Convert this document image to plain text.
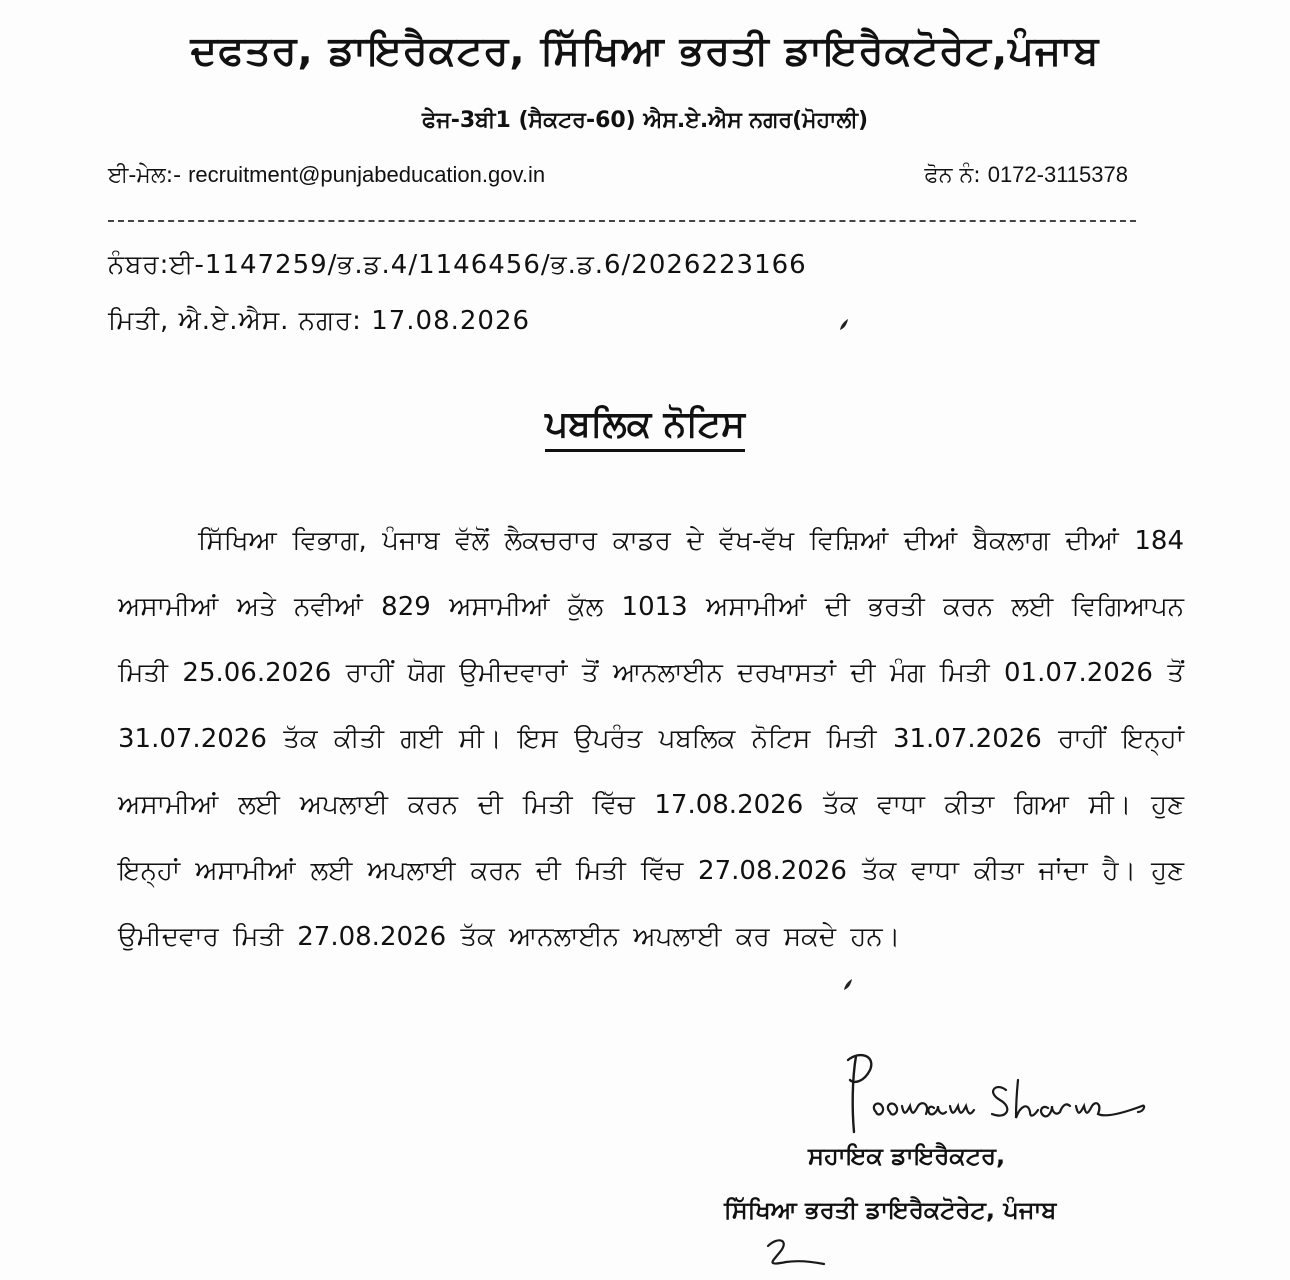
ਦਫਤਰ, ਡਾਇਰੈਕਟਰ, ਸਿੱਖਿਆ ਭਰਤੀ ਡਾਇਰੈਕਟੋਰੇਟ,ਪੰਜਾਬ
ਫੇਜ-3ਬੀ1 (ਸੈਕਟਰ-60) ਐਸ.ਏ.ਐਸ ਨਗਰ(ਮੋਹਾਲੀ)
ਈ-ਮੇਲ:- recruitment@punjabeducation.gov.in	ਫੋਨ ਨੰ: 0172-3115378
ਨੰਬਰ:ਈ-1147259/ਭ.ਡ.4/1146456/ਭ.ਡ.6/2026223166
ਮਿਤੀ, ਐ.ਏ.ਐਸ. ਨਗਰ: 17.08.2026
ਪਬਲਿਕ ਨੋਟਿਸ
ਸਿੱਖਿਆ ਵਿਭਾਗ, ਪੰਜਾਬ ਵੱਲੋਂ ਲੈਕਚਰਾਰ ਕਾਡਰ ਦੇ ਵੱਖ-ਵੱਖ ਵਿਸ਼ਿਆਂ ਦੀਆਂ ਬੈਕਲਾਗ ਦੀਆਂ 184 ਅਸਾਮੀਆਂ ਅਤੇ ਨਵੀਆਂ 829 ਅਸਾਮੀਆਂ ਕੁੱਲ 1013 ਅਸਾਮੀਆਂ ਦੀ ਭਰਤੀ ਕਰਨ ਲਈ ਵਿਗਿਆਪਨ ਮਿਤੀ 25.06.2026 ਰਾਹੀਂ ਯੋਗ ਉਮੀਦਵਾਰਾਂ ਤੋਂ ਆਨਲਾਈਨ ਦਰਖਾਸਤਾਂ ਦੀ ਮੰਗ ਮਿਤੀ 01.07.2026 ਤੋਂ 31.07.2026 ਤੱਕ ਕੀਤੀ ਗਈ ਸੀ। ਇਸ ਉਪਰੰਤ ਪਬਲਿਕ ਨੋਟਿਸ ਮਿਤੀ 31.07.2026 ਰਾਹੀਂ ਇਨ੍ਹਾਂ ਅਸਾਮੀਆਂ ਲਈ ਅਪਲਾਈ ਕਰਨ ਦੀ ਮਿਤੀ ਵਿੱਚ 17.08.2026 ਤੱਕ ਵਾਧਾ ਕੀਤਾ ਗਿਆ ਸੀ। ਹੁਣ ਇਨ੍ਹਾਂ ਅਸਾਮੀਆਂ ਲਈ ਅਪਲਾਈ ਕਰਨ ਦੀ ਮਿਤੀ ਵਿੱਚ 27.08.2026 ਤੱਕ ਵਾਧਾ ਕੀਤਾ ਜਾਂਦਾ ਹੈ। ਹੁਣ ਉਮੀਦਵਾਰ ਮਿਤੀ 27.08.2026 ਤੱਕ ਆਨਲਾਈਨ ਅਪਲਾਈ ਕਰ ਸਕਦੇ ਹਨ।
ਸਹਾਇਕ ਡਾਇਰੈਕਟਰ,
ਸਿੱਖਿਆ ਭਰਤੀ ਡਾਇਰੈਕਟੋਰੇਟ, ਪੰਜਾਬ
